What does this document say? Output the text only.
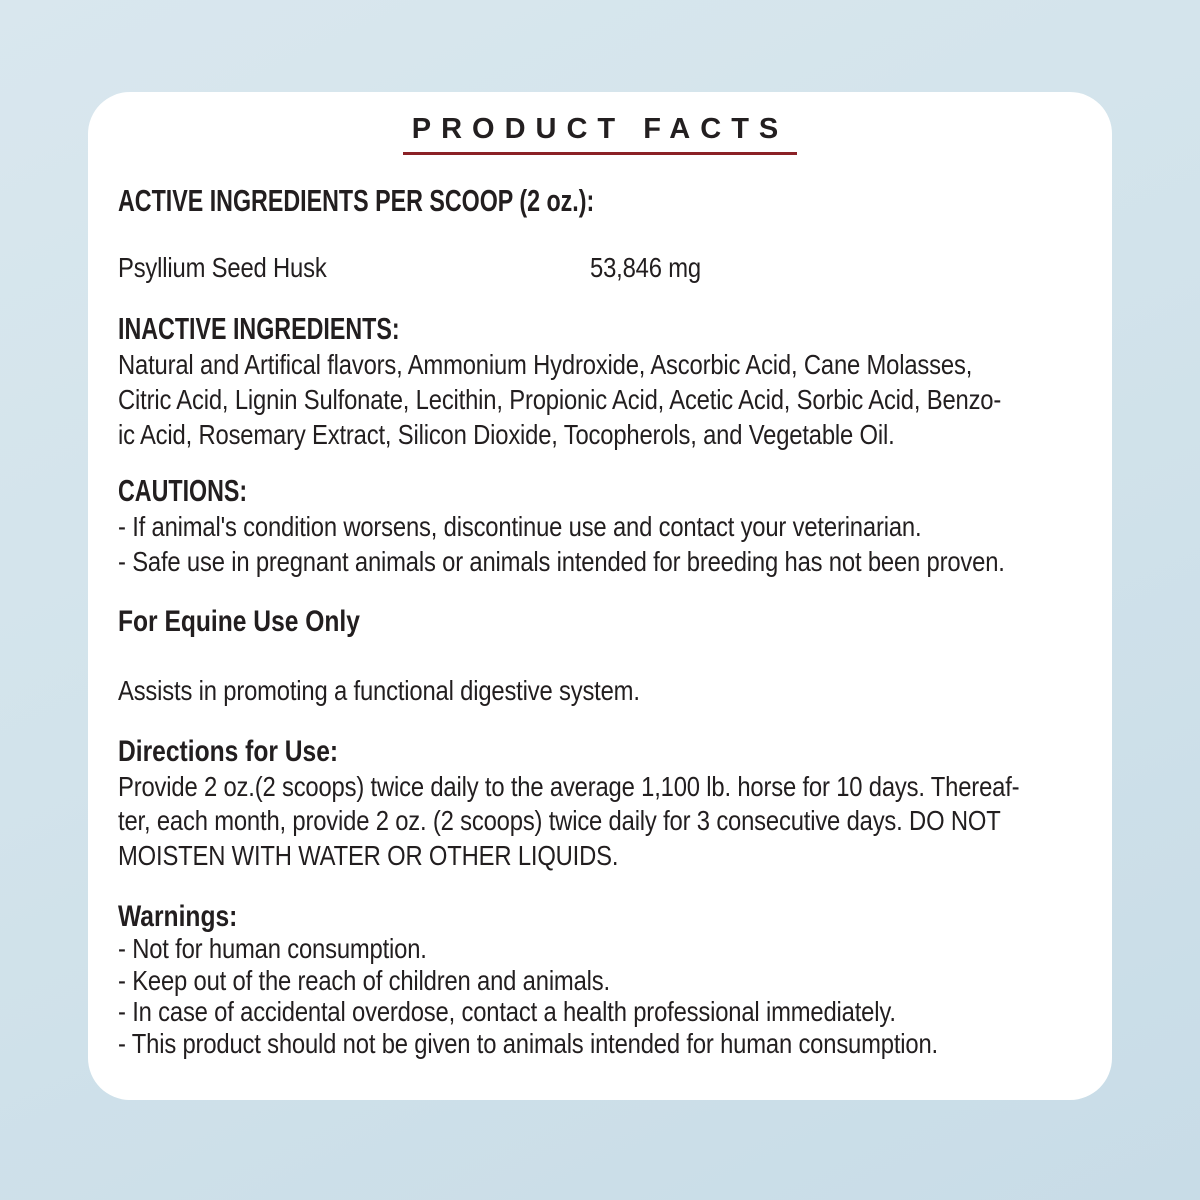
PRODUCT FACTS
ACTIVE INGREDIENTS PER SCOOP (2 oz.):
Psyllium Seed Husk	53,846 mg
INACTIVE INGREDIENTS:
Natural and Artifical flavors, Ammonium Hydroxide, Ascorbic Acid, Cane Molasses,
Citric Acid, Lignin Sulfonate, Lecithin, Propionic Acid, Acetic Acid, Sorbic Acid, Benzo-
ic Acid, Rosemary Extract, Silicon Dioxide, Tocopherols, and Vegetable Oil.
CAUTIONS:
- If animal's condition worsens, discontinue use and contact your veterinarian.
- Safe use in pregnant animals or animals intended for breeding has not been proven.
For Equine Use Only
Assists in promoting a functional digestive system.
Directions for Use:
Provide 2 oz.(2 scoops) twice daily to the average 1,100 lb. horse for 10 days. Thereaf-
ter, each month, provide 2 oz. (2 scoops) twice daily for 3 consecutive days. DO NOT
MOISTEN WITH WATER OR OTHER LIQUIDS.
Warnings:
- Not for human consumption.
- Keep out of the reach of children and animals.
- In case of accidental overdose, contact a health professional immediately.
- This product should not be given to animals intended for human consumption.
